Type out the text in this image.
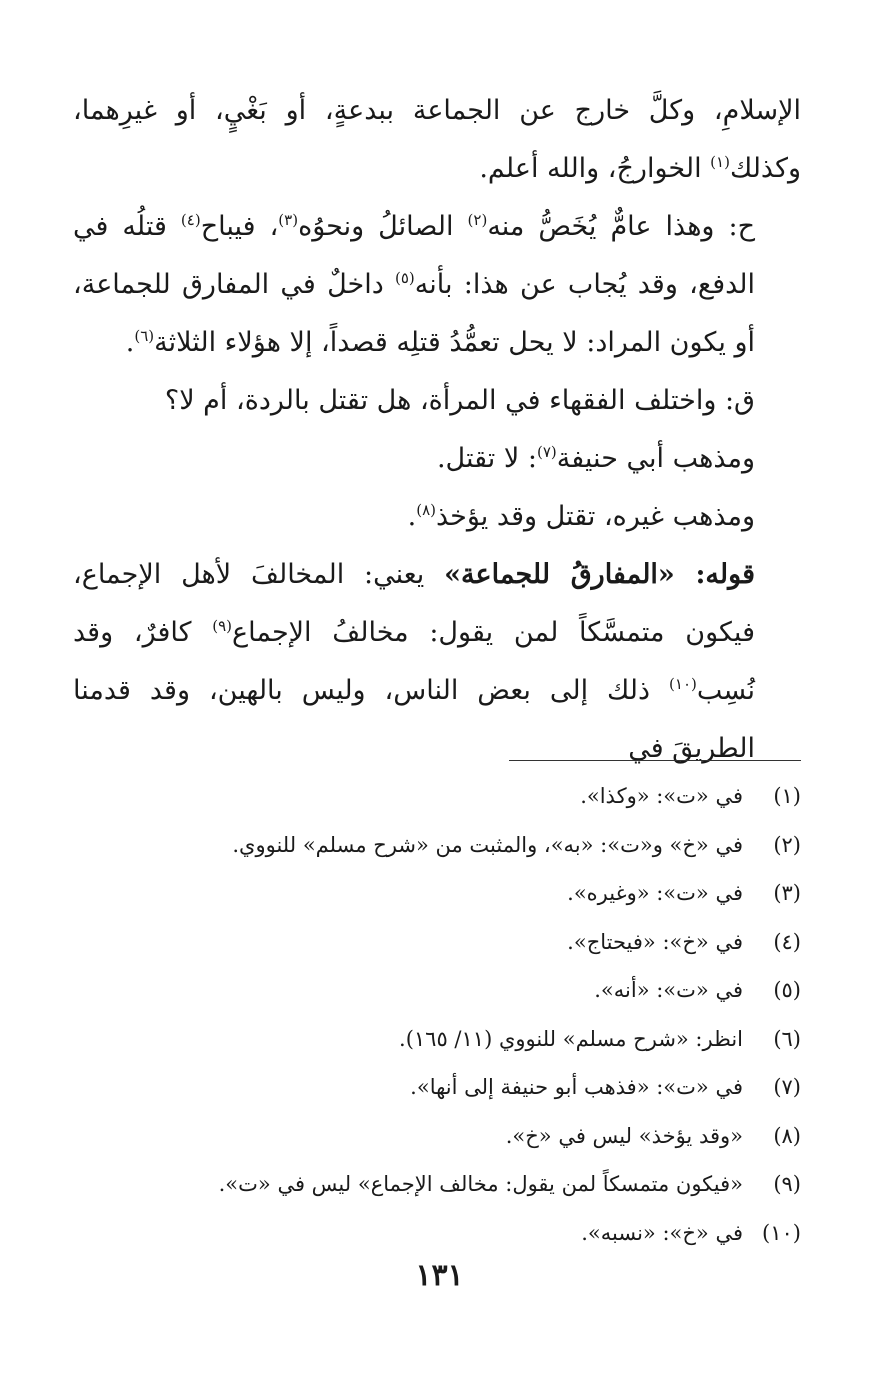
الإسلامِ، وكلَّ خارج عن الجماعة ببدعةٍ، أو بَغْيٍ، أو غيرِهما، وكذلك$^{(١)}$ الخوارجُ، والله أعلم.

ح: وهذا عامٌّ يُخَصُّ منه$^{(٢)}$ الصائلُ ونحوُه$^{(٣)}$، فيباح$^{(٤)}$ قتلُه في الدفع، وقد يُجاب عن هذا: بأنه$^{(٥)}$ داخلٌ في المفارق للجماعة، أو يكون المراد: لا يحل تعمُّدُ قتلِه قصداً، إلا هؤلاء الثلاثة$^{(٦)}$.

ق: واختلف الفقهاء في المرأة، هل تقتل بالردة، أم لا؟

ومذهب أبي حنيفة$^{(٧)}$: لا تقتل.

ومذهب غيره، تقتل وقد يؤخذ$^{(٨)}$.

قوله: «المفارقُ للجماعة» يعني: المخالفَ لأهل الإجماع، فيكون متمسَّكاً لمن يقول: مخالفُ الإجماع$^{(٩)}$ كافرٌ، وقد نُسِب$^{(١٠)}$ ذلك إلى بعض الناس، وليس بالهين، وقد قدمنا الطريقَ في

(١)
في «ت»: «وكذا».
(٢)
في «خ» و«ت»: «به»، والمثبت من «شرح مسلم» للنووي.
(٣)
في «ت»: «وغيره».
(٤)
في «خ»: «فيحتاج».
(٥)
في «ت»: «أنه».
(٦)
انظر: «شرح مسلم» للنووي (١١/ ١٦٥).
(٧)
في «ت»: «فذهب أبو حنيفة إلى أنها».
(٨)
«وقد يؤخذ» ليس في «خ».
(٩)
«فيكون متمسكاً لمن يقول: مخالف الإجماع» ليس في «ت».
(١٠)
في «خ»: «نسبه».
١٣١
